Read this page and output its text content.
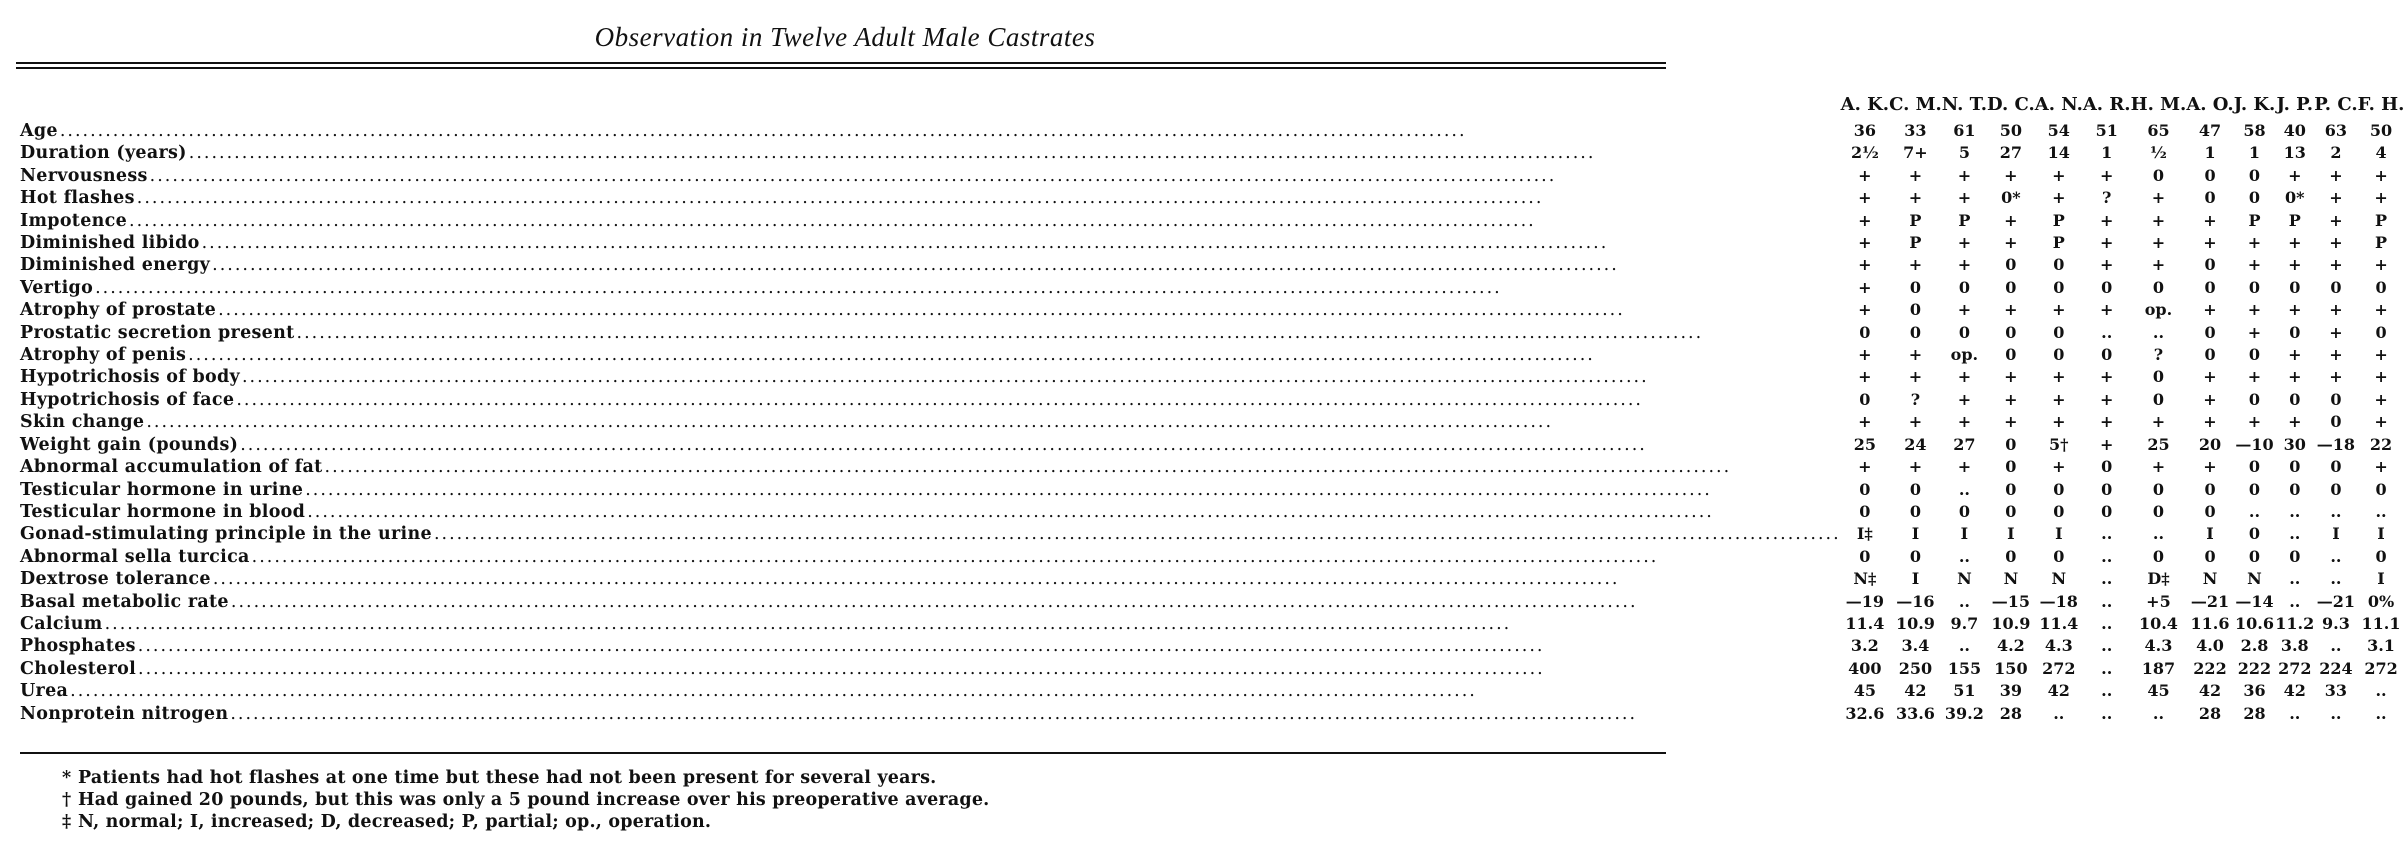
Observation in Twelve Adult Male Castrates
	A. K.	C. M.	N. T.	D. C.	A. N.	A. R.	H. M.	A. O.	J. K.	J. P.	P. C.	F. H.
Age .....	36	33	61	50	54	51	65	47	58	40	63	50
Duration (years) .....	2½	7+	5	27	14	1	½	1	1	13	2	4
Nervousness .....	+	+	+	+	+	+	0	0	0	+	+	+
Hot flashes .....	+	+	+	0*	+	?	+	0	0	0*	+	+
Impotence .....	+	P	P	+	P	+	+	+	P	P	+	P
Diminished libido .....	+	P	+	+	P	+	+	+	+	+	+	P
Diminished energy .....	+	+	+	0	0	+	+	0	+	+	+	+
Vertigo .....	+	0	0	0	0	0	0	0	0	0	0	0
Atrophy of prostate .....	+	0	+	+	+	+	op.	+	+	+	+	+
Prostatic secretion present .....	0	0	0	0	0	..	..	0	+	0	+	0
Atrophy of penis .....	+	+	op.	0	0	0	?	0	0	+	+	+
Hypotrichosis of body .....	+	+	+	+	+	+	0	+	+	+	+	+
Hypotrichosis of face .....	0	?	+	+	+	+	0	+	0	0	0	+
Skin change .....	+	+	+	+	+	+	+	+	+	+	0	+
Weight gain (pounds) .....	25	24	27	0	5†	+	25	20	—10	30	—18	22
Abnormal accumulation of fat .....	+	+	+	0	+	0	+	+	0	0	0	+
Testicular hormone in urine .....	0	0	..	0	0	0	0	0	0	0	0	0
Testicular hormone in blood .....	0	0	0	0	0	0	0	0	..	..	..	..
Gonad-stimulating principle in the urine .....	I‡	I	I	I	I	..	..	I	0	..	I	I
Abnormal sella turcica .....	0	0	..	0	0	..	0	0	0	0	..	0
Dextrose tolerance .....	N‡	I	N	N	N	..	D‡	N	N	..	..	I
Basal metabolic rate .....	—19	—16	..	—15	—18	..	+5	—21	—14	..	—21	0%
Calcium .....	11.4	10.9	9.7	10.9	11.4	..	10.4	11.6	10.6	11.2	9.3	11.1
Phosphates .....	3.2	3.4	..	4.2	4.3	..	4.3	4.0	2.8	3.8	..	3.1
Cholesterol .....	400	250	155	150	272	..	187	222	222	272	224	272
Urea .....	45	42	51	39	42	..	45	42	36	42	33	..
Nonprotein nitrogen .....	32.6	33.6	39.2	28	..	..	..	28	28	..	..	..
* Patients had hot flashes at one time but these had not been present for several years.
† Had gained 20 pounds, but this was only a 5 pound increase over his preoperative average.
‡ N, normal; I, increased; D, decreased; P, partial; op., operation.
